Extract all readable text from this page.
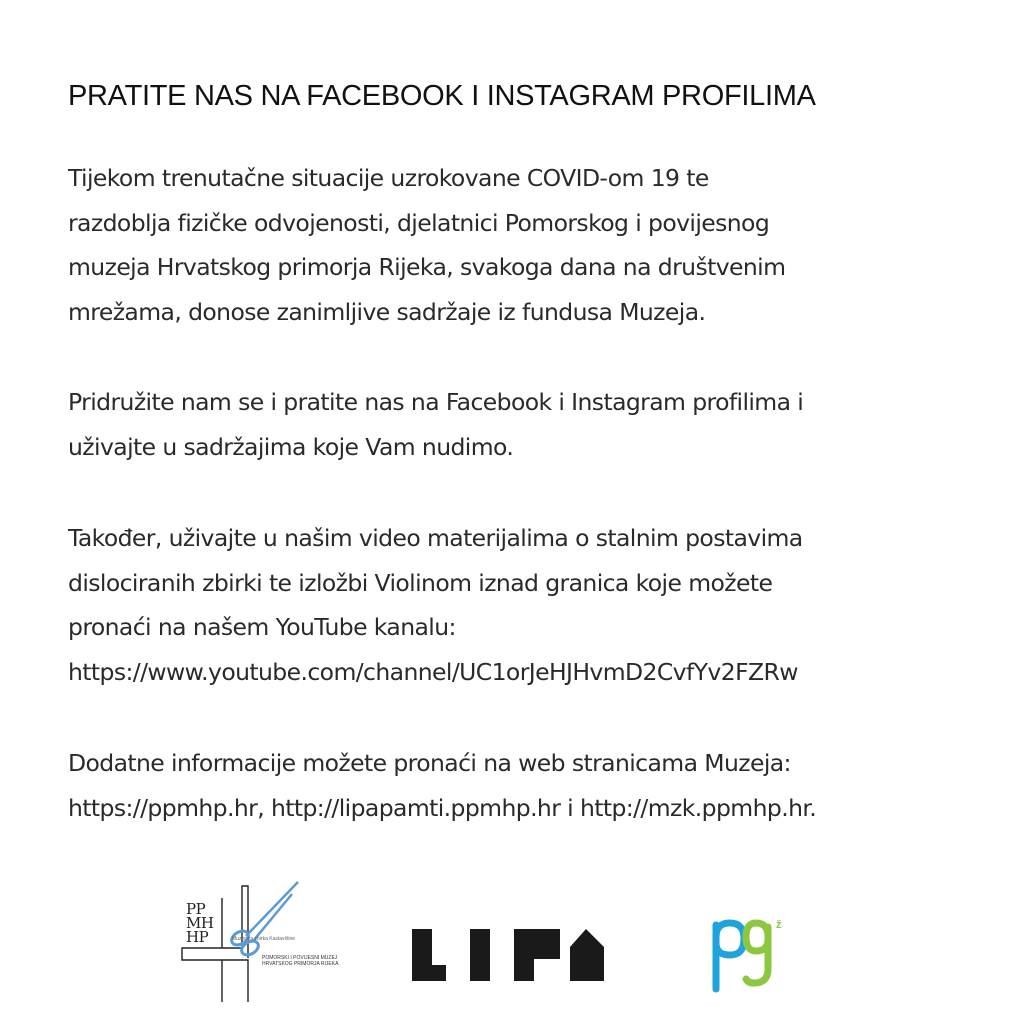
PRATITE NAS NA FACEBOOK I INSTAGRAM PROFILIMA
Tijekom trenutačne situacije uzrokovane COVID-om 19 te
razdoblja fizičke odvojenosti, djelatnici Pomorskog i povijesnog
muzeja Hrvatskog primorja Rijeka, svakoga dana na društvenim
mrežama, donose zanimljive sadržaje iz fundusa Muzeja.
Pridružite nam se i pratite nas na Facebook i Instagram profilima i
uživajte u sadržajima koje Vam nudimo.
Također, uživajte u našim video materijalima o stalnim postavima
dislociranih zbirki te izložbi Violinom iznad granica koje možete
pronaći na našem YouTube kanalu:
https://www.youtube.com/channel/UC1orJeHJHvmD2CvfYv2FZRw
Dodatne informacije možete pronaći na web stranicama Muzeja:
https://ppmhp.hr, http://lipapamti.ppmhp.hr i http://mzk.ppmhp.hr.
PP
MH
HP	Muzejska zbirka Kastavštine
POMORSKI I POVIJESNI MUZEJ HRVATSKOG PRIMORJA RIJEKA
ž
